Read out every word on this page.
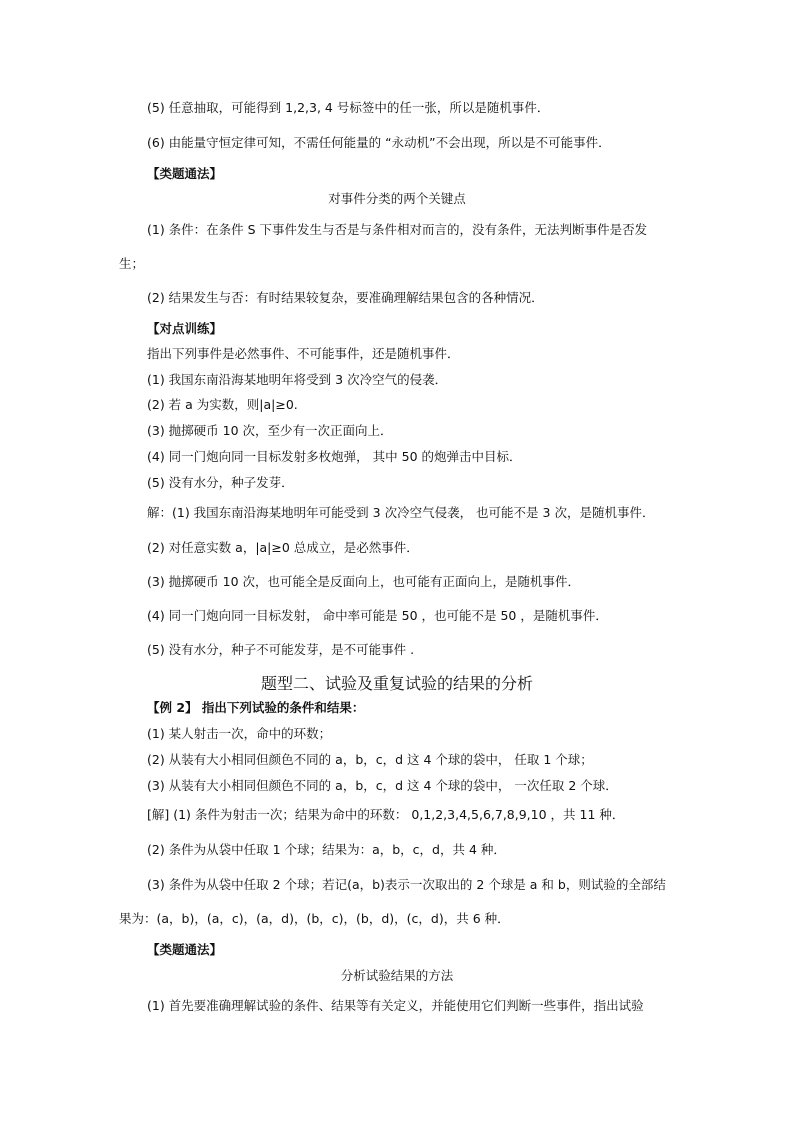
(5) 任意抽取，可能得到 1,2,3, 4 号标签中的任一张，所以是随机事件．
(6) 由能量守恒定律可知，不需任何能量的 “永动机”不会出现，所以是不可能事件．
【类题通法】
对事件分类的两个关键点
(1) 条件：在条件 S 下事件发生与否是与条件相对而言的，没有条件，无法判断事件是否发
生；
(2) 结果发生与否：有时结果较复杂，要准确理解结果包含的各种情况．
【对点训练】
指出下列事件是必然事件、不可能事件，还是随机事件．
(1) 我国东南沿海某地明年将受到 3 次冷空气的侵袭．
(2) 若 a 为实数，则|a|≥0.
(3) 抛掷硬币 10 次，至少有一次正面向上．
(4) 同一门炮向同一目标发射多枚炮弹， 其中 50 的炮弹击中目标．
(5) 没有水分，种子发芽．
解：(1) 我国东南沿海某地明年可能受到 3 次冷空气侵袭， 也可能不是 3 次，是随机事件．
(2) 对任意实数 a，|a|≥0 总成立，是必然事件．
(3) 抛掷硬币 10 次，也可能全是反面向上，也可能有正面向上，是随机事件．
(4) 同一门炮向同一目标发射， 命中率可能是 50 ，也可能不是 50 ，是随机事件．
(5) 没有水分，种子不可能发芽，是不可能事件 .
题型二、试验及重复试验的结果的分析
【例 2】 指出下列试验的条件和结果：
(1) 某人射击一次，命中的环数；
(2) 从装有大小相同但颜色不同的 a，b，c，d 这 4 个球的袋中， 任取 1 个球；
(3) 从装有大小相同但颜色不同的 a，b，c，d 这 4 个球的袋中， 一次任取 2 个球．
[解] (1) 条件为射击一次；结果为命中的环数： 0,1,2,3,4,5,6,7,8,9,10 ，共 11 种．
(2) 条件为从袋中任取 1 个球；结果为：a，b，c，d，共 4 种．
(3) 条件为从袋中任取 2 个球；若记(a，b)表示一次取出的 2 个球是 a 和 b，则试验的全部结
果为：(a，b)，(a，c)，(a，d)，(b，c)，(b，d)，(c，d)，共 6 种．
【类题通法】
分析试验结果的方法
(1) 首先要准确理解试验的条件、结果等有关定义，并能使用它们判断一些事件，指出试验
